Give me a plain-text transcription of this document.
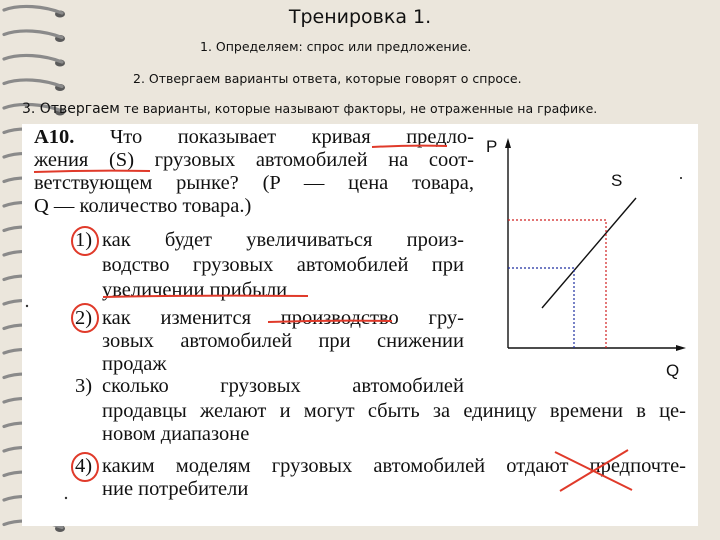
Тренировка 1.
1. Определяем: спрос или предложение.
2. Отвергаем варианты ответа, которые говорят о спросе.
3. Отвергаем те варианты, которые называют факторы, не отраженные на графике.
А10. Что показывает кривая предло-
жения (S) грузовых автомобилей на соот-
ветствующем рынке? (P — цена товара,
Q — количество товара.)
1)
2)
3)
4)
как будет увеличиваться произ-
водство грузовых автомобилей при
увеличении прибыли
как изменится производство гру-
зовых автомобилей при снижении
продаж
сколько грузовых автомобилей
продавцы желают и могут сбыть за единицу времени в це-
новом диапазоне
каким моделям грузовых автомобилей отдают предпочте-
ние потребители
P
Q
S
